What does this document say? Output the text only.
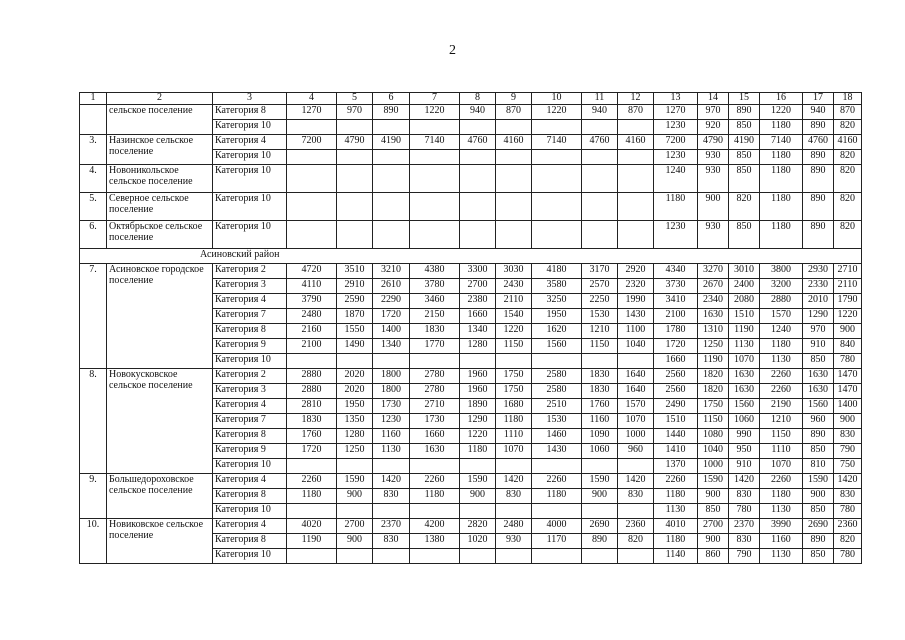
2
1	2	3	4	5	6	7	8	9	10	11	12	13	14	15	16	17	18
	сельское поселение	Категория 8	1270	970	890	1220	940	870	1220	940	870	1270	970	890	1220	940	870
		Категория 10										1230	920	850	1180	890	820
3.	Назинское сельское поселение	Категория 4	7200	4790	4190	7140	4760	4160	7140	4760	4160	7200	4790	4190	7140	4760	4160
		Категория 10										1230	930	850	1180	890	820
4.	Новоникольское сельское поселение	Категория 10										1240	930	850	1180	890	820
5.	Северное сельское поселение	Категория 10										1180	900	820	1180	890	820
6.	Октябрьское сельское поселение	Категория 10										1230	930	850	1180	890	820
Асиновский район																	
7.	Асиновское городское поселение	Категория 2	4720	3510	3210	4380	3300	3030	4180	3170	2920	4340	3270	3010	3800	2930	2710
		Категория 3	4110	2910	2610	3780	2700	2430	3580	2570	2320	3730	2670	2400	3200	2330	2110
		Категория 4	3790	2590	2290	3460	2380	2110	3250	2250	1990	3410	2340	2080	2880	2010	1790
		Категория 7	2480	1870	1720	2150	1660	1540	1950	1530	1430	2100	1630	1510	1570	1290	1220
		Категория 8	2160	1550	1400	1830	1340	1220	1620	1210	1100	1780	1310	1190	1240	970	900
		Категория 9	2100	1490	1340	1770	1280	1150	1560	1150	1040	1720	1250	1130	1180	910	840
		Категория 10										1660	1190	1070	1130	850	780
8.	Новокусковское сельское поселение	Категория 2	2880	2020	1800	2780	1960	1750	2580	1830	1640	2560	1820	1630	2260	1630	1470
		Категория 3	2880	2020	1800	2780	1960	1750	2580	1830	1640	2560	1820	1630	2260	1630	1470
		Категория 4	2810	1950	1730	2710	1890	1680	2510	1760	1570	2490	1750	1560	2190	1560	1400
		Категория 7	1830	1350	1230	1730	1290	1180	1530	1160	1070	1510	1150	1060	1210	960	900
		Категория 8	1760	1280	1160	1660	1220	1110	1460	1090	1000	1440	1080	990	1150	890	830
		Категория 9	1720	1250	1130	1630	1180	1070	1430	1060	960	1410	1040	950	1110	850	790
		Категория 10										1370	1000	910	1070	810	750
9.	Большедороховское сельское поселение	Категория 4	2260	1590	1420	2260	1590	1420	2260	1590	1420	2260	1590	1420	2260	1590	1420
		Категория 8	1180	900	830	1180	900	830	1180	900	830	1180	900	830	1180	900	830
		Категория 10										1130	850	780	1130	850	780
10.	Новиковское сельское поселение	Категория 4	4020	2700	2370	4200	2820	2480	4000	2690	2360	4010	2700	2370	3990	2690	2360
		Категория 8	1190	900	830	1380	1020	930	1170	890	820	1180	900	830	1160	890	820
		Категория 10										1140	860	790	1130	850	780
